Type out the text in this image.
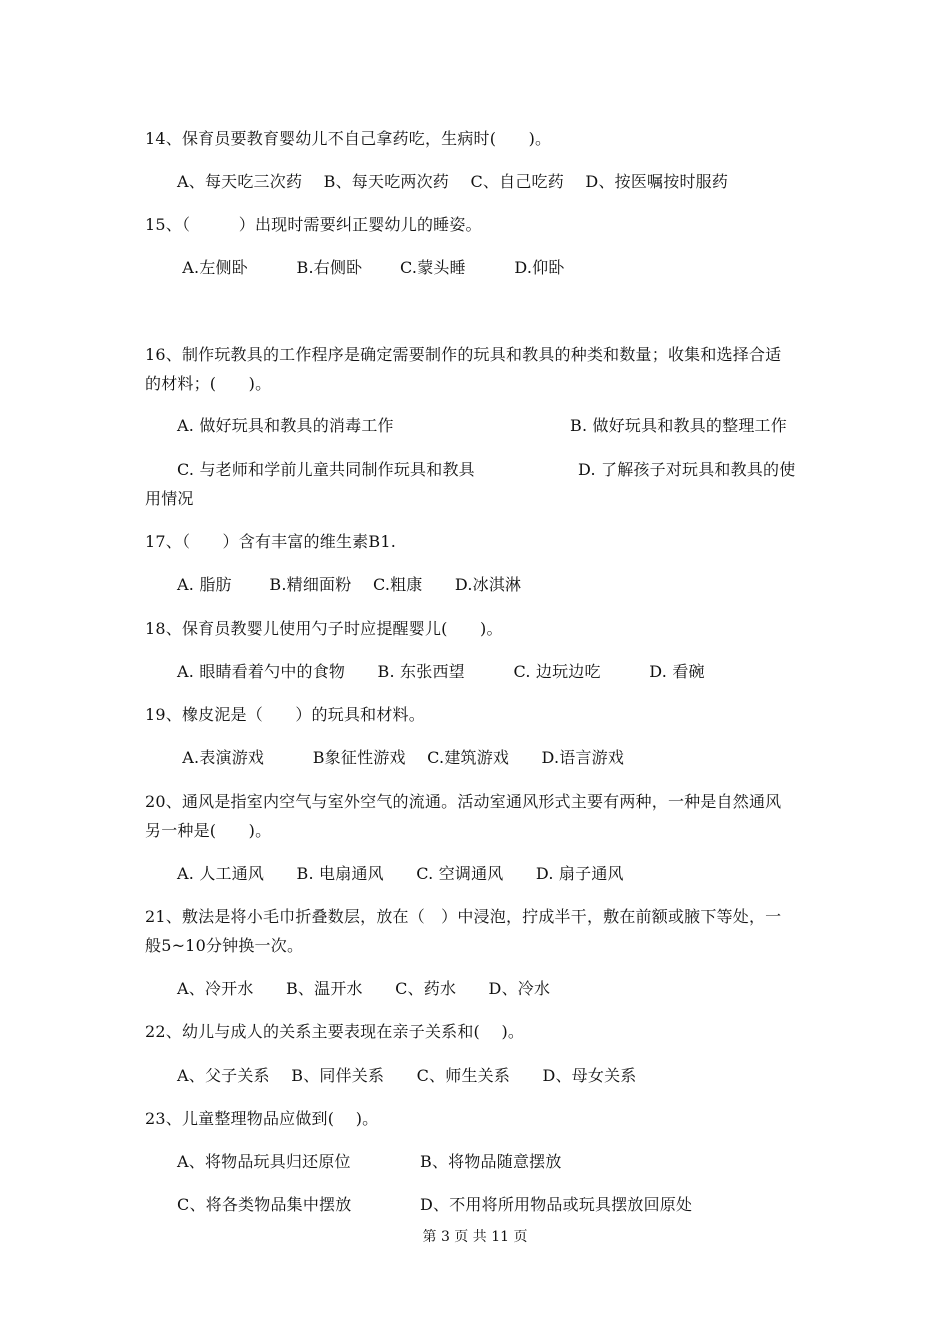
14、保育员要教育婴幼儿不自己拿药吃，生病时(　　)。
A、每天吃三次药　 B、每天吃两次药　 C、自己吃药　 D、按医嘱按时服药
15、（　　　）出现时需要纠正婴幼儿的睡姿。
A.左侧卧　　　B.右侧卧　　 C.蒙头睡　　　D.仰卧
16、制作玩教具的工作程序是确定需要制作的玩具和教具的种类和数量；收集和选择合适
的材料；(　　)。
A. 做好玩具和教具的消毒工作	B. 做好玩具和教具的整理工作
C. 与老师和学前儿童共同制作玩具和教具	D. 了解孩子对玩具和教具的使
用情况
17、（　　）含有丰富的维生素B1.
A. 脂肪　　 B.精细面粉　 C.粗康　　D.冰淇淋
18、保育员教婴儿使用勺子时应提醒婴儿(　　)。
A. 眼睛看着勺中的食物　　B. 东张西望　　　C. 边玩边吃　　　D. 看碗
19、橡皮泥是（　　）的玩具和材料。
A.表演游戏　　　B象征性游戏　 C.建筑游戏　　D.语言游戏
20、通风是指室内空气与室外空气的流通。活动室通风形式主要有两种，一种是自然通风
另一种是(　　)。
A. 人工通风　　B. 电扇通风　　C. 空调通风　　D. 扇子通风
21、敷法是将小毛巾折叠数层，放在（　）中浸泡，拧成半干，敷在前额或腋下等处，一
般5~10分钟换一次。
A、冷开水　　B、温开水　　C、药水　　D、冷水
22、幼儿与成人的关系主要表现在亲子关系和(　 )。
A、父子关系　 B、同伴关系　　C、师生关系　　D、母女关系
23、儿童整理物品应做到(　 )。
A、将物品玩具归还原位	B、将物品随意摆放
C、将各类物品集中摆放	D、不用将所用物品或玩具摆放回原处
第 3 页 共 11 页
